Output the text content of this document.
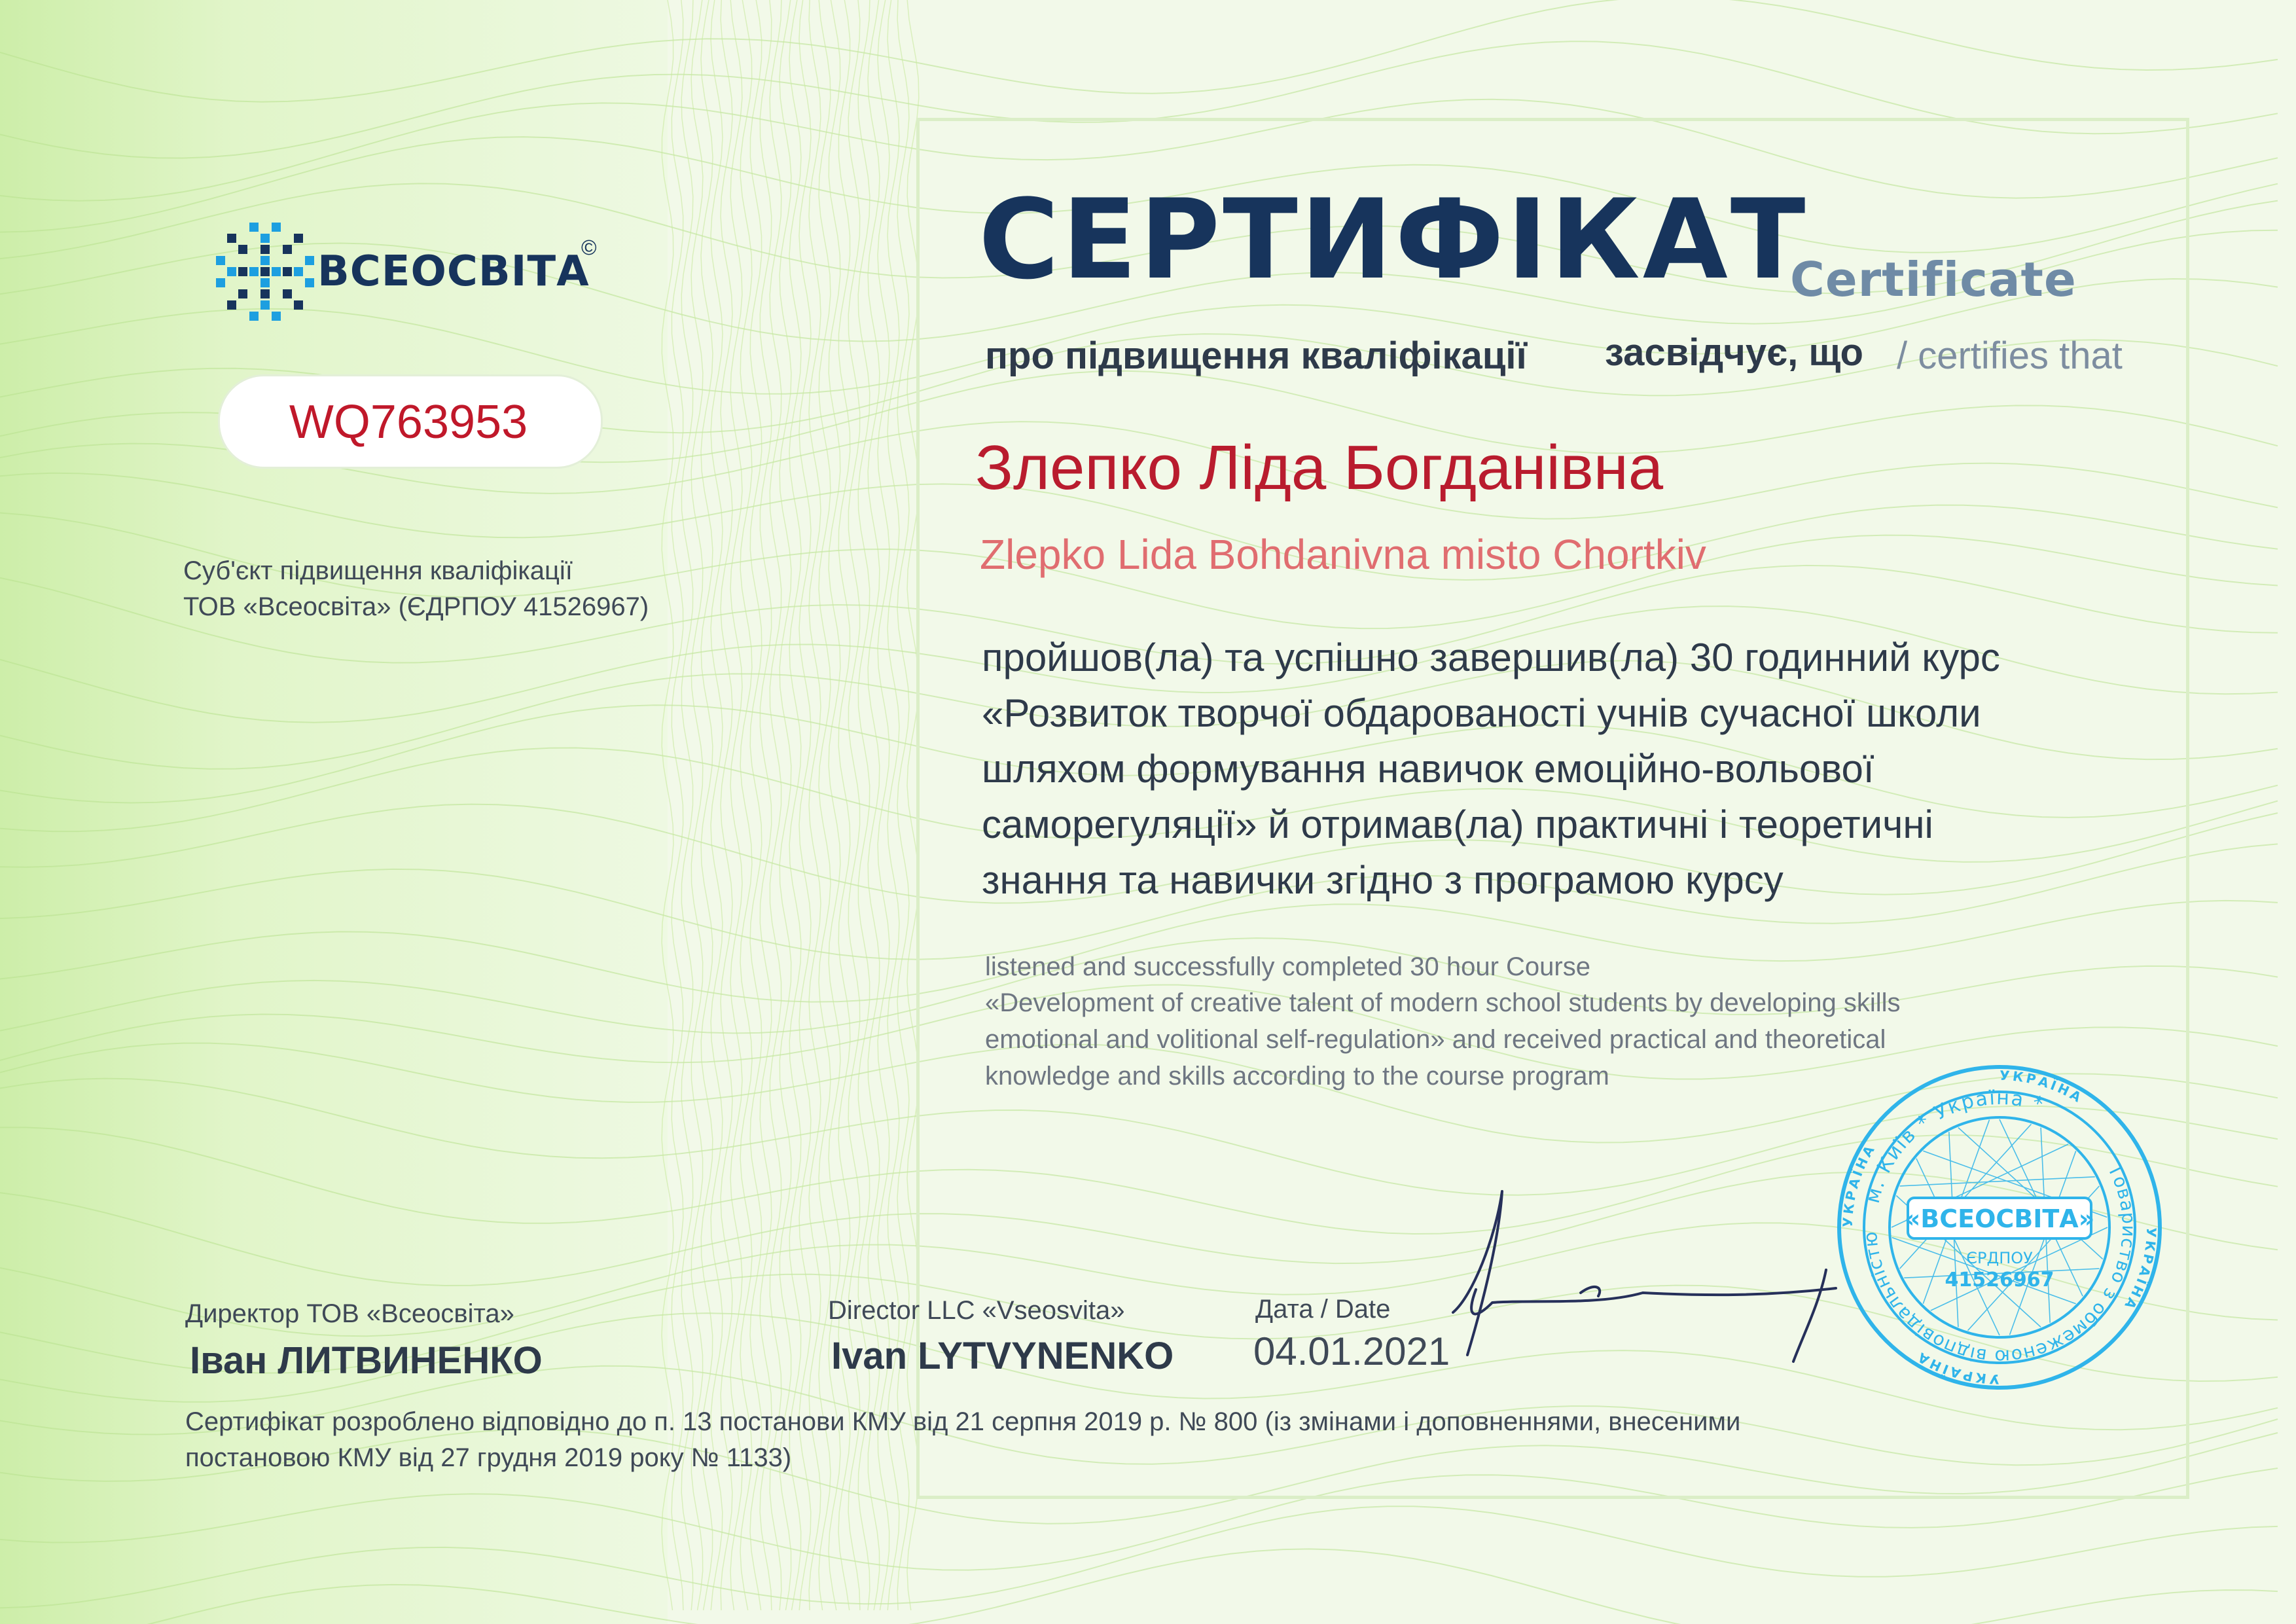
ВСЕОСВІТА
©
WQ763953
Суб'єкт підвищення кваліфікації
ТОВ «Всеосвіта» (ЄДРПОУ 41526967)
СЕРТИФІКАТ
Certificate
про підвищення кваліфікації засвідчує, що / certifies that
Злепко Ліда Богданівна
Zlepko Lida Bohdanivna misto Chortkiv
пройшов(ла) та успішно завершив(ла) 30 годинний курс
«Розвиток творчої обдарованості учнів сучасної школи
шляхом формування навичок емоційно-вольової
саморегуляції» й отримав(ла) практичні і теоретичні
знання та навички згідно з програмою курсу
listened and successfully completed 30 hour Course
«Development of creative talent of modern school students by developing skills
emotional and volitional self-regulation» and received practical and theoretical
knowledge and skills according to the course program
Директор ТОВ «Всеосвіта»
Іван ЛИТВИНЕНКО
Director LLC «Vseosvita»
Ivan LYTVYNENKO
Дата / Date
04.01.2021
УКРАЇНА
УКРАЇНА
УКРАЇНА
УКРАЇНА
м. Київ * Україна *
Товариство з обмеженою відповідальністю
«ВСЕОСВІТА»
ЄРДПОУ
41526967
Сертифікат розроблено відповідно до п. 13 постанови КМУ від 21 серпня 2019 р. № 800 (із змінами і доповненнями, внесеними
постановою КМУ від 27 грудня 2019 року № 1133)
